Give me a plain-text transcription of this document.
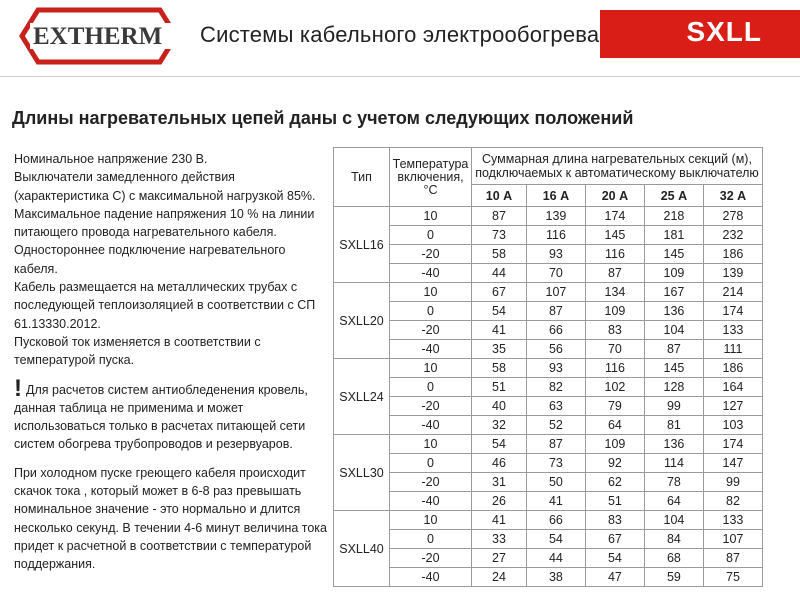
EXTHERM Системы кабельного электрообогрева	SXLL
Длины нагревательных цепей даны с учетом следующих положений

Номинальное напряжение 230 В.

Выключатели замедленного действия (характеристика С) с максимальной нагрузкой 85%.

Максимальное падение напряжения 10 % на линии питающего провода нагревательного кабеля.

Одностороннее подключение нагревательного кабеля.

Кабель размещается на металлических трубах с последующей теплоизоляцией в соответствии с СП 61.13330.2012.

Пусковой ток изменяется в соответствии с температурой пуска.

! Для расчетов систем антиобледенения кровель, данная таблица не применима и может использоваться только в расчетах питающей сети систем обогрева трубопроводов и резервуаров.

При холодном пуске греющего кабеля происходит скачок тока , который может в 6-8 раз превышать номинальное значение - это нормально и длится несколько секунд. В течении 4-6 минут величина тока придет к расчетной в соответствии с температурой поддержания.

Тип	Температура включения, °С	Суммарная длина нагревательных секций (м), подключаемых к автоматическому выключателю				
		10 А	16 А	20 А	25 А	32 А
SXLL16	10	87	139	174	218	278
	0	73	116	145	181	232
	-20	58	93	116	145	186
	-40	44	70	87	109	139
SXLL20	10	67	107	134	167	214
	0	54	87	109	136	174
	-20	41	66	83	104	133
	-40	35	56	70	87	111
SXLL24	10	58	93	116	145	186
	0	51	82	102	128	164
	-20	40	63	79	99	127
	-40	32	52	64	81	103
SXLL30	10	54	87	109	136	174
	0	46	73	92	114	147
	-20	31	50	62	78	99
	-40	26	41	51	64	82
SXLL40	10	41	66	83	104	133
	0	33	54	67	84	107
	-20	27	44	54	68	87
	-40	24	38	47	59	75
